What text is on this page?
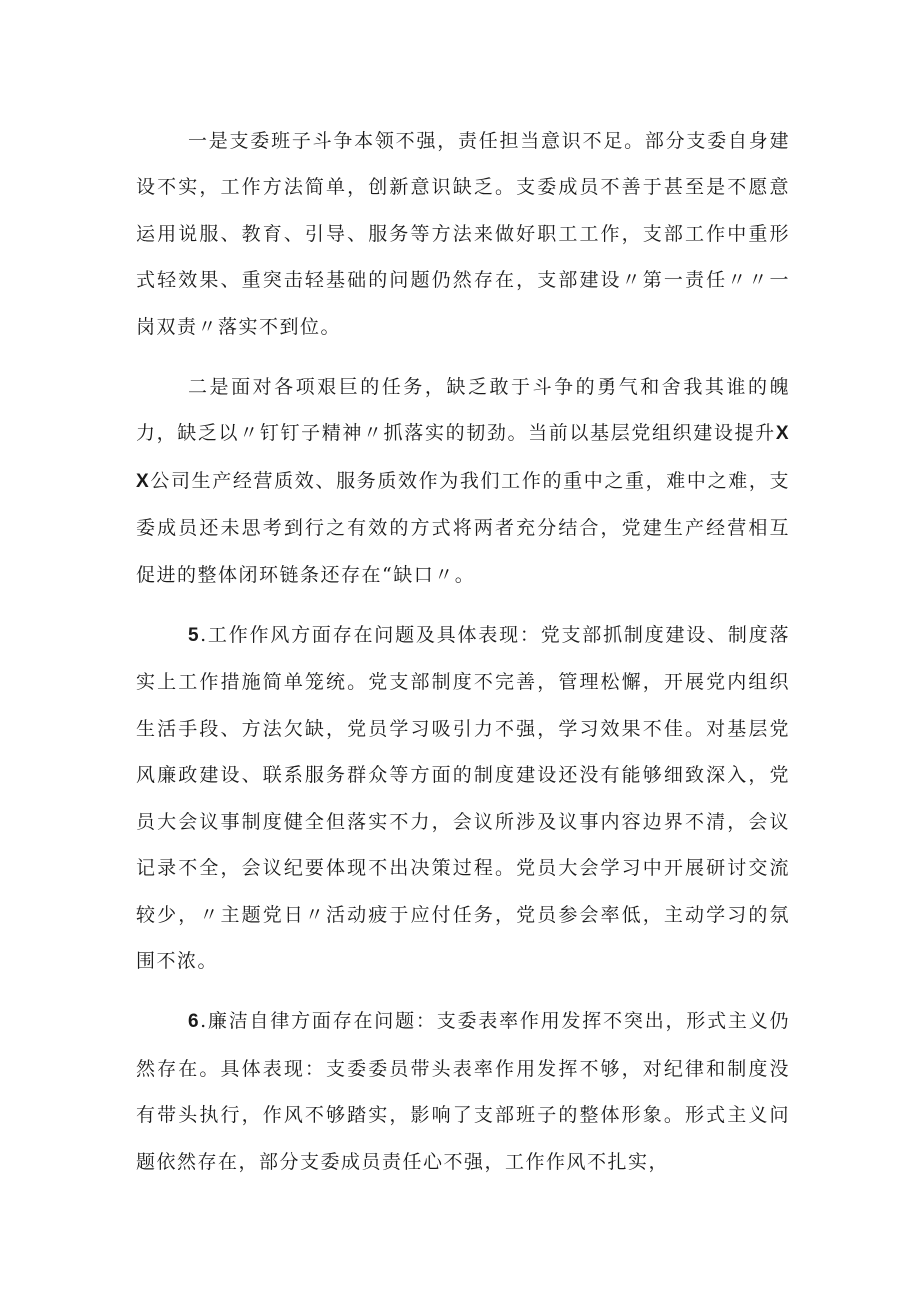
一是支委班子斗争本领不强，责任担当意识不足。部分支委自身建设不实，工作方法简单，创新意识缺乏。支委成员不善于甚至是不愿意运用说服、教育、引导、服务等方法来做好职工工作，支部工作中重形式轻效果、重突击轻基础的问题仍然存在，支部建设〃第一责任〃〃一岗双责〃落实不到位。

二是面对各项艰巨的任务，缺乏敢于斗争的勇气和舍我其谁的魄力，缺乏以〃钉钉子精神〃抓落实的韧劲。当前以基层党组织建设提升XX公司生产经营质效、服务质效作为我们工作的重中之重，难中之难，支委成员还未思考到行之有效的方式将两者充分结合，党建生产经营相互促进的整体闭环链条还存在“缺口〃。

5.工作作风方面存在问题及具体表现：党支部抓制度建设、制度落实上工作措施简单笼统。党支部制度不完善，管理松懈，开展党内组织生活手段、方法欠缺，党员学习吸引力不强，学习效果不佳。对基层党风廉政建设、联系服务群众等方面的制度建设还没有能够细致深入，党员大会议事制度健全但落实不力，会议所涉及议事内容边界不清，会议记录不全，会议纪要体现不出决策过程。党员大会学习中开展研讨交流较少，〃主题党日〃活动疲于应付任务，党员参会率低，主动学习的氛围不浓。

6.廉洁自律方面存在问题：支委表率作用发挥不突出，形式主义仍然存在。具体表现：支委委员带头表率作用发挥不够，对纪律和制度没有带头执行，作风不够踏实，影响了支部班子的整体形象。形式主义问题依然存在，部分支委成员责任心不强，工作作风不扎实，
